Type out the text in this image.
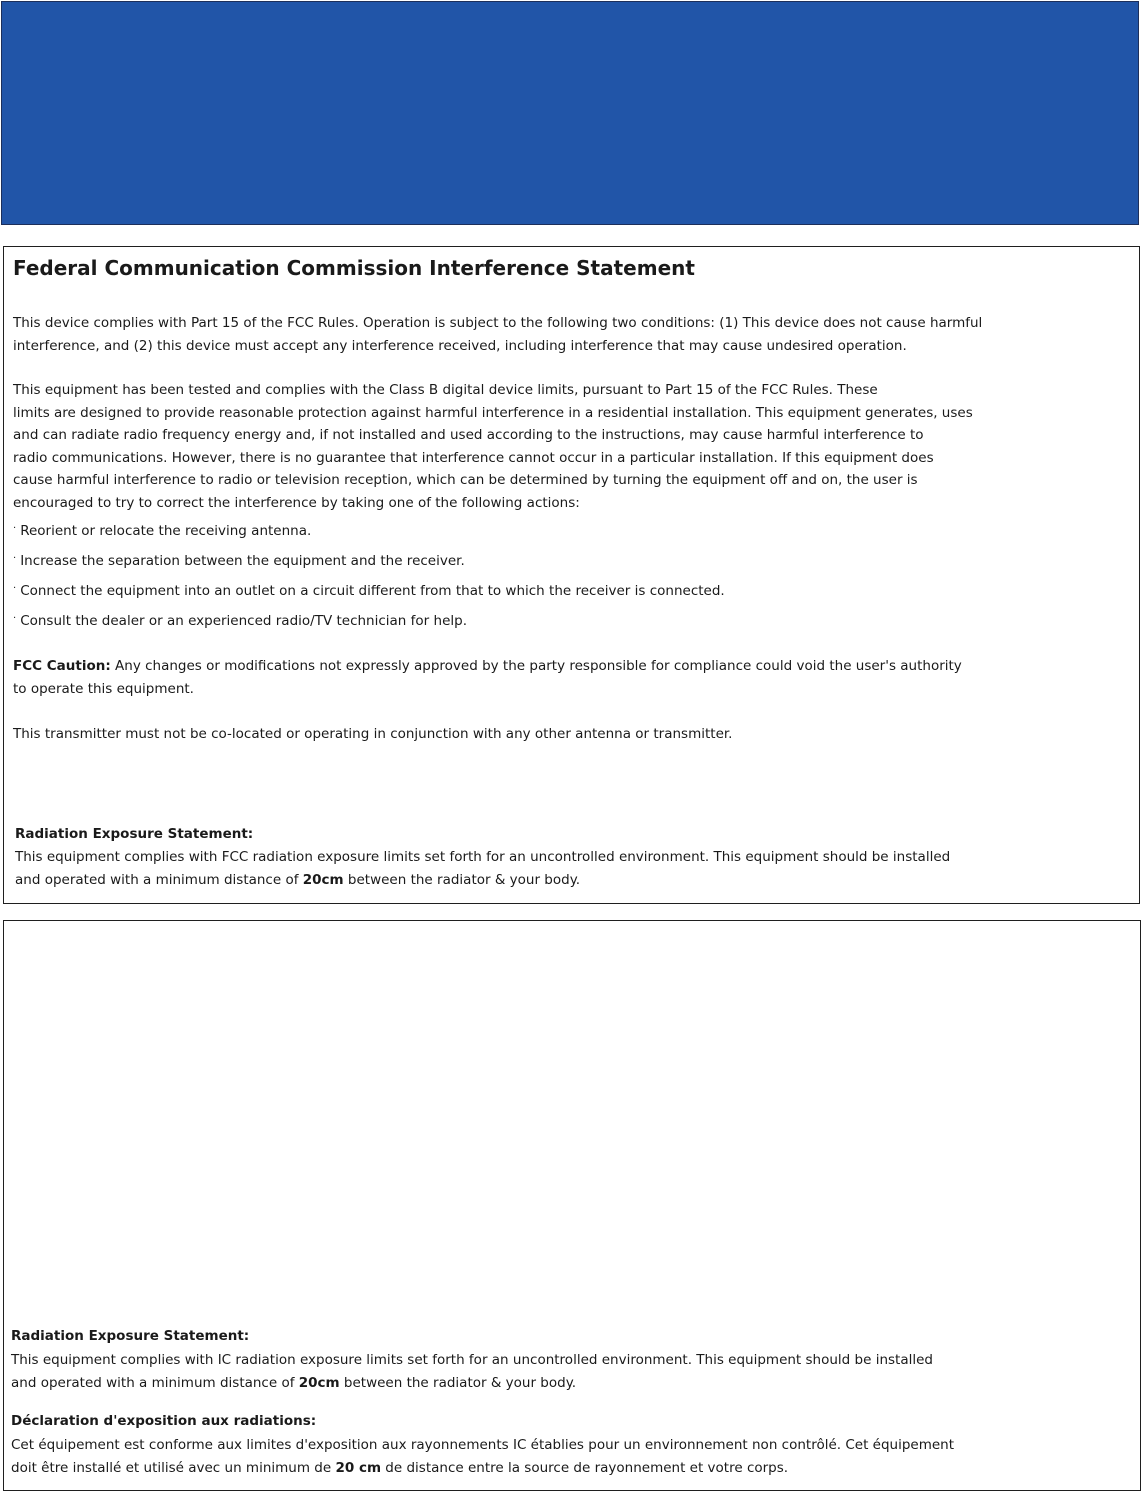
Federal Communication Commission Interference Statement

This device complies with Part 15 of the FCC Rules. Operation is subject to the following two conditions: (1) This device does not cause harmful
interference, and (2) this device must accept any interference received, including interference that may cause undesired operation.

This equipment has been tested and complies with the Class B digital device limits, pursuant to Part 15 of the FCC Rules. These
limits are designed to provide reasonable protection against harmful interference in a residential installation. This equipment generates, uses
and can radiate radio frequency energy and, if not installed and used according to the instructions, may cause harmful interference to
radio communications. However, there is no guarantee that interference cannot occur in a particular installation. If this equipment does
cause harmful interference to radio or television reception, which can be determined by turning the equipment off and on, the user is
encouraged to try to correct the interference by taking one of the following actions:

· Reorient or relocate the receiving antenna.
· Increase the separation between the equipment and the receiver.
· Connect the equipment into an outlet on a circuit different from that to which the receiver is connected.
· Consult the dealer or an experienced radio/TV technician for help.

FCC Caution: Any changes or modifications not expressly approved by the party responsible for compliance could void the user's authority
to operate this equipment.

This transmitter must not be co-located or operating in conjunction with any other antenna or transmitter.

Radiation Exposure Statement:

This equipment complies with FCC radiation exposure limits set forth for an uncontrolled environment. This equipment should be installed
and operated with a minimum distance of 20cm between the radiator & your body.

Radiation Exposure Statement:

This equipment complies with IC radiation exposure limits set forth for an uncontrolled environment. This equipment should be installed
and operated with a minimum distance of 20cm between the radiator & your body.

Déclaration d'exposition aux radiations:

Cet équipement est conforme aux limites d'exposition aux rayonnements IC établies pour un environnement non contrôlé. Cet équipement
doit être installé et utilisé avec un minimum de 20 cm de distance entre la source de rayonnement et votre corps.
